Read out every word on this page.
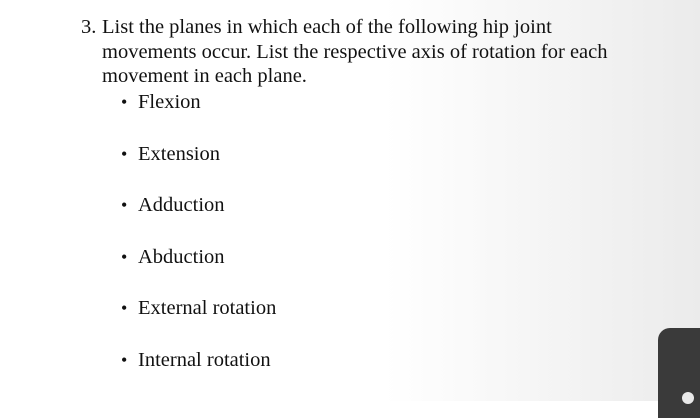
3. List the planes in which each of the following hip joint movements occur. List the respective axis of rotation for each movement in each plane.
• Flexion
• Extension
• Adduction
• Abduction
• External rotation
• Internal rotation
